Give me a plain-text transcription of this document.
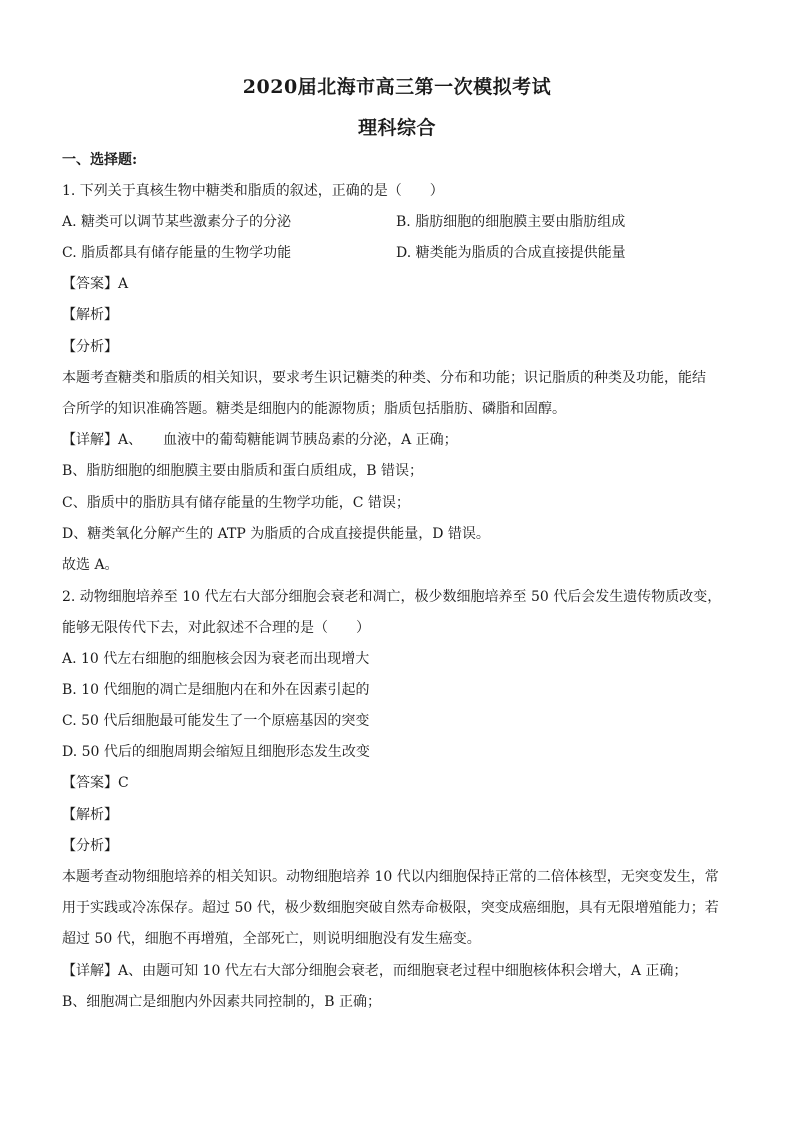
2020届北海市高三第一次模拟考试
理科综合
一、选择题:
1. 下列关于真核生物中糖类和脂质的叙述，正确的是（　　）
A. 糖类可以调节某些激素分子的分泌	B. 脂肪细胞的细胞膜主要由脂肪组成
C. 脂质都具有储存能量的生物学功能	D. 糖类能为脂质的合成直接提供能量
【答案】A
【解析】
【分析】
本题考查糖类和脂质的相关知识，要求考生识记糖类的种类、分布和功能；识记脂质的种类及功能，能结
合所学的知识准确答题。糖类是细胞内的能源物质；脂质包括脂肪、磷脂和固醇。
【详解】A、　　血液中的葡萄糖能调节胰岛素的分泌，A 正确；
B、脂肪细胞的细胞膜主要由脂质和蛋白质组成，B 错误；
C、脂质中的脂肪具有储存能量的生物学功能，C 错误；
D、糖类氧化分解产生的 ATP 为脂质的合成直接提供能量，D 错误。
故选 A。
2. 动物细胞培养至 10 代左右大部分细胞会衰老和凋亡，极少数细胞培养至 50 代后会发生遗传物质改变，
能够无限传代下去，对此叙述不合理的是（　　）
A. 10 代左右细胞的细胞核会因为衰老而出现增大
B. 10 代细胞的凋亡是细胞内在和外在因素引起的
C. 50 代后细胞最可能发生了一个原癌基因的突变
D. 50 代后的细胞周期会缩短且细胞形态发生改变
【答案】C
【解析】
【分析】
本题考查动物细胞培养的相关知识。动物细胞培养 10 代以内细胞保持正常的二倍体核型，无突变发生，常
用于实践或冷冻保存。超过 50 代，极少数细胞突破自然寿命极限，突变成癌细胞，具有无限增殖能力；若
超过 50 代，细胞不再增殖，全部死亡，则说明细胞没有发生癌变。
【详解】A、由题可知 10 代左右大部分细胞会衰老，而细胞衰老过程中细胞核体积会增大，A 正确；
B、细胞凋亡是细胞内外因素共同控制的，B 正确；
